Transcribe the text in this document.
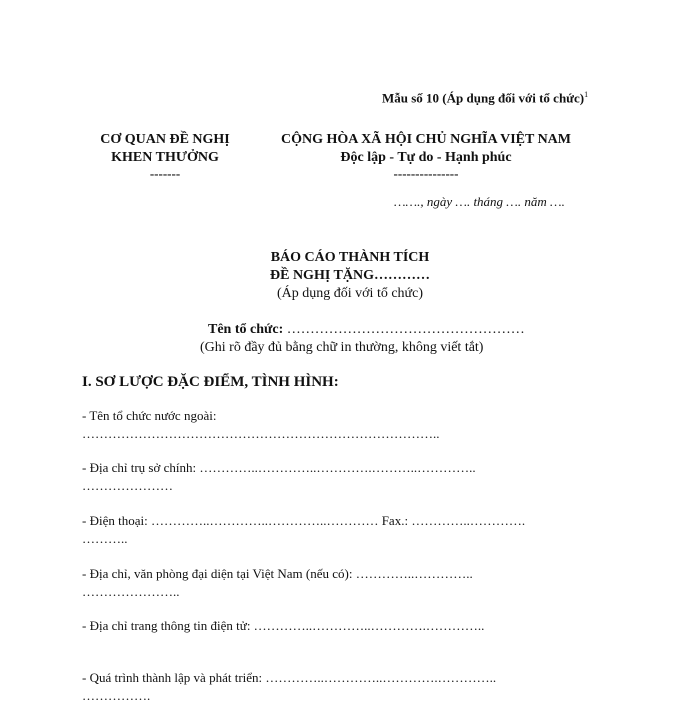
Mẫu số 10 (Áp dụng đối với tổ chức)$^1$
CƠ QUAN ĐỀ NGHỊ
KHEN THƯỞNG
-------
CỘNG HÒA XÃ HỘI CHỦ NGHĨA VIỆT NAM
Độc lập - Tự do - Hạnh phúc
---------------
……., ngày …. tháng …. năm ….
BÁO CÁO THÀNH TÍCH
ĐỀ NGHỊ TẶNG…………
(Áp dụng đối với tổ chức)
Tên tổ chức: ……………………………………………
(Ghi rõ đầy đủ bằng chữ in thường, không viết tắt)
I. SƠ LƯỢC ĐẶC ĐIỂM, TÌNH HÌNH:
- Tên tổ chức nước ngoài:
………………………………………………………………………..
- Địa chỉ trụ sở chính: …………..…………..………….………..…………..
…………………
- Điện thoại: …………..…………..…………..………… Fax.: …………..………….
………..
- Địa chỉ, văn phòng đại diện tại Việt Nam (nếu có): …………..…………..
…………………..
- Địa chỉ trang thông tin điện tử: …………..…………..………….…………..
- Quá trình thành lập và phát triển: …………..…………..………….…………..
…………….
